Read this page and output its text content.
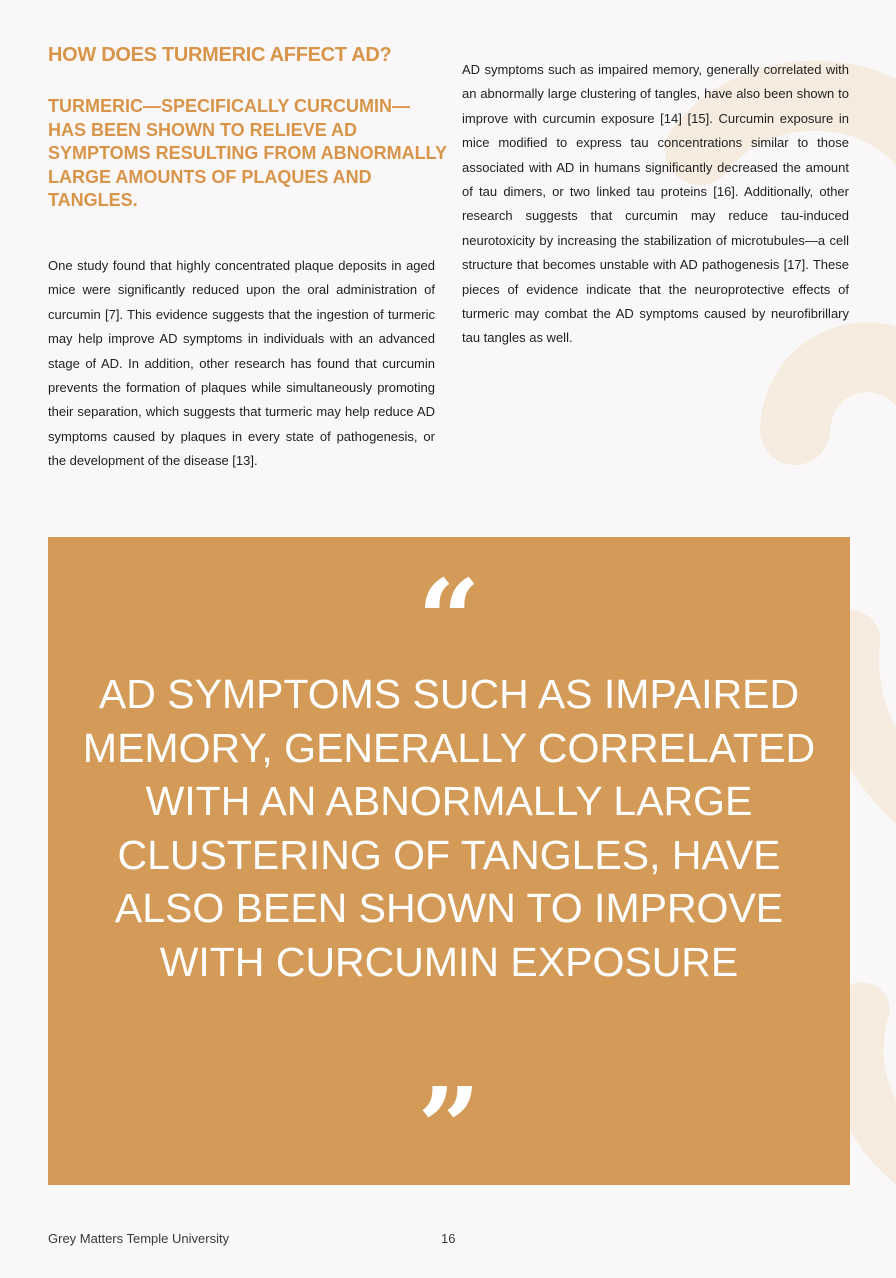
HOW DOES TURMERIC AFFECT AD?
TURMERIC—SPECIFICALLY CURCUMIN—HAS BEEN SHOWN TO RELIEVE AD SYMPTOMS RESULTING FROM ABNORMALLY LARGE AMOUNTS OF PLAQUES AND TANGLES.

One study found that highly concentrated plaque deposits in aged mice were significantly reduced upon the oral administration of curcumin [7]. This evidence suggests that the ingestion of turmeric may help improve AD symptoms in individuals with an advanced stage of AD. In addition, other research has found that curcumin prevents the formation of plaques while simultaneously promoting their separation, which suggests that turmeric may help reduce AD symptoms caused by plaques in every state of pathogenesis, or the development of the disease [13].

AD symptoms such as impaired memory, generally correlated with an abnormally large clustering of tangles, have also been shown to improve with curcumin exposure [14] [15]. Curcumin exposure in mice modified to express tau concentrations similar to those associated with AD in humans significantly decreased the amount of tau dimers, or two linked tau proteins [16]. Additionally, other research suggests that curcumin may reduce tau-induced neurotoxicity by increasing the stabilization of microtubules—a cell structure that becomes unstable with AD pathogenesis [17]. These pieces of evidence indicate that the neuroprotective effects of turmeric may combat the AD symptoms caused by neurofibrillary tau tangles as well.

“

AD SYMPTOMS SUCH AS IMPAIRED MEMORY, GENERALLY CORRELATED WITH AN ABNORMALLY LARGE CLUSTERING OF TANGLES, HAVE ALSO BEEN SHOWN TO IMPROVE WITH CURCUMIN EXPOSURE

”
Grey Matters Temple University	16
